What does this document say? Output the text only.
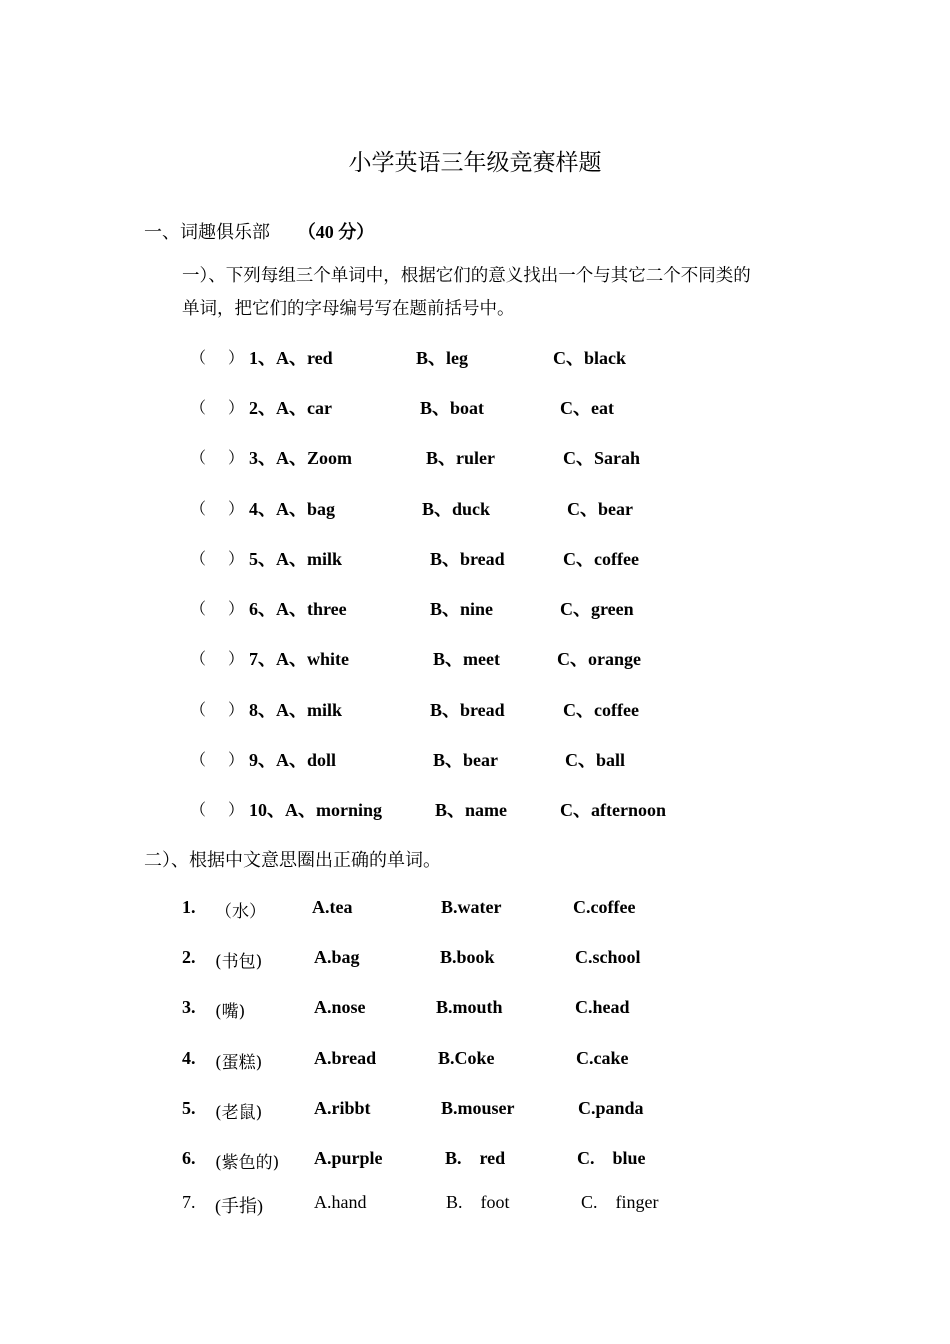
小学英语三年级竞赛样题
一、词趣俱乐部 （40 分）
一）、下列每组三个单词中，根据它们的意义找出一个与其它二个不同类的
单词，把它们的字母编号写在题前括号中。
（ ） 1、A、red	B、leg	C、black
（ ） 2、A、car	B、boat	C、eat
（ ） 3、A、Zoom	B、ruler	C、Sarah
（ ） 4、A、bag	B、duck	C、bear
（ ） 5、A、milk	B、bread	C、coffee
（ ） 6、A、three	B、nine	C、green
（ ） 7、A、white	B、meet	C、orange
（ ） 8、A、milk	B、bread	C、coffee
（ ） 9、A、doll	B、bear	C、ball
（ ） 10、A、morning	B、name	C、afternoon
二）、根据中文意思圈出正确的单词。
1. （水）	A.tea	B.water	C.coffee
2. (书包)	A.bag	B.book	C.school
3. (嘴)	A.nose	B.mouth	C.head
4. (蛋糕)	A.bread	B.Coke	C.cake
5. (老鼠)	A.ribbt	B.mouser	C.panda
6. (紫色的) A.purple	B.    red	C.    blue
7. (手指)	A.hand	B.    foot	C.    finger
